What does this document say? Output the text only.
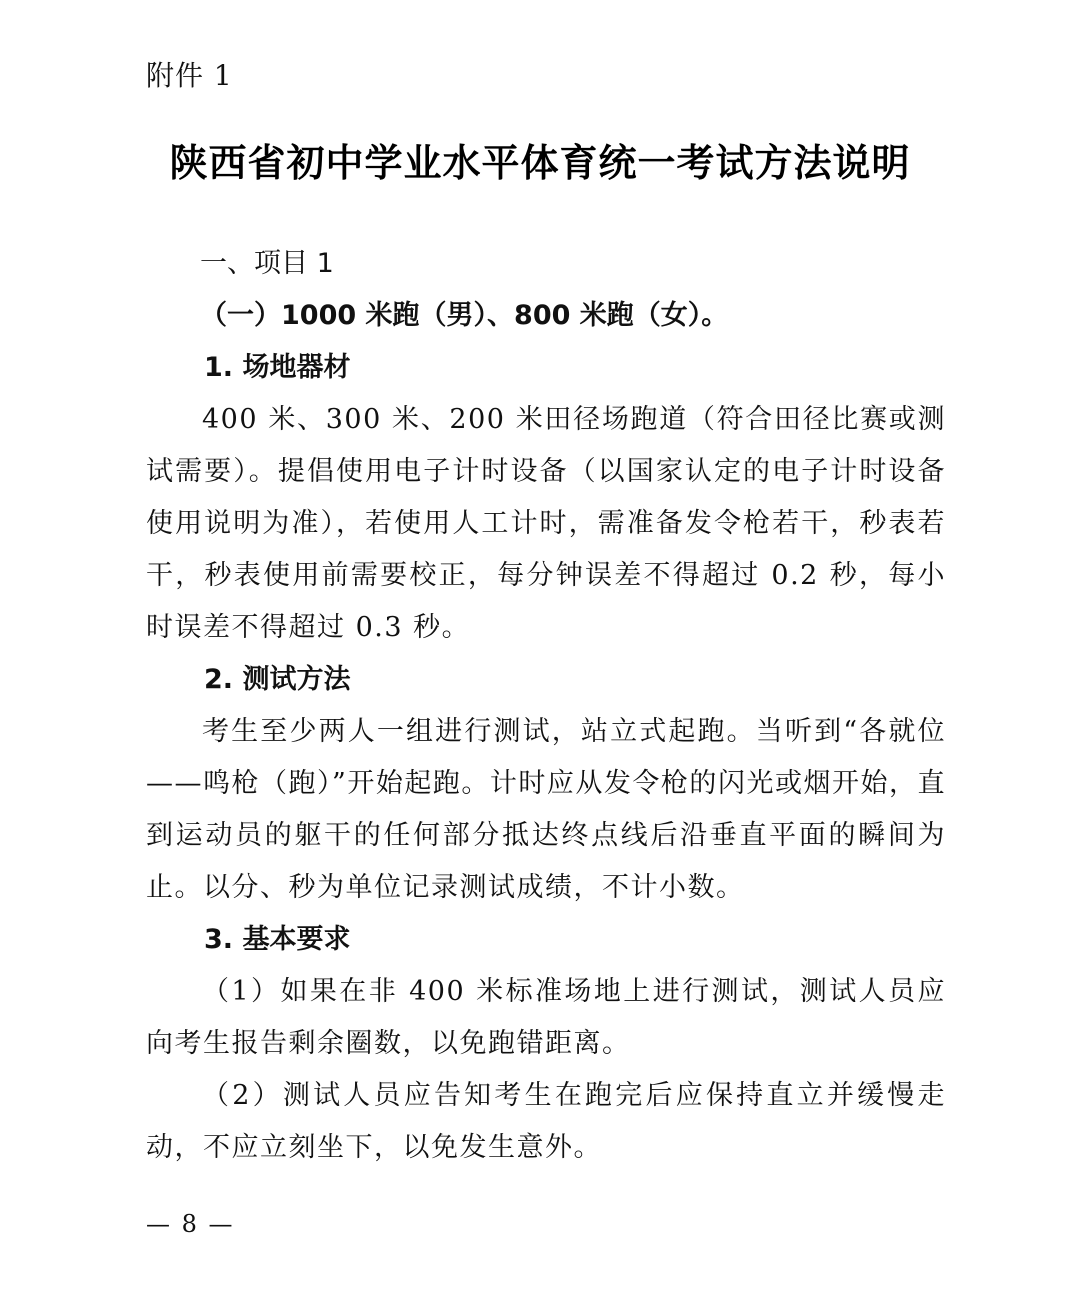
附件 1
陕西省初中学业水平体育统一考试方法说明
一、项目 1
（一）1000 米跑（男）、800 米跑（女）。
1. 场地器材
400 米、300 米、200 米田径场跑道（符合田径比赛或测试需要）。提倡使用电子计时设备（以国家认定的电子计时设备使用说明为准），若使用人工计时，需准备发令枪若干，秒表若干，秒表使用前需要校正，每分钟误差不得超过 0.2 秒，每小时误差不得超过 0.3 秒。
2. 测试方法
考生至少两人一组进行测试，站立式起跑。当听到“各就位——鸣枪（跑）”开始起跑。计时应从发令枪的闪光或烟开始，直到运动员的躯干的任何部分抵达终点线后沿垂直平面的瞬间为止。以分、秒为单位记录测试成绩，不计小数。
3. 基本要求
（1）如果在非 400 米标准场地上进行测试，测试人员应向考生报告剩余圈数，以免跑错距离。
（2）测试人员应告知考生在跑完后应保持直立并缓慢走动，不应立刻坐下，以免发生意外。
— 8 —
